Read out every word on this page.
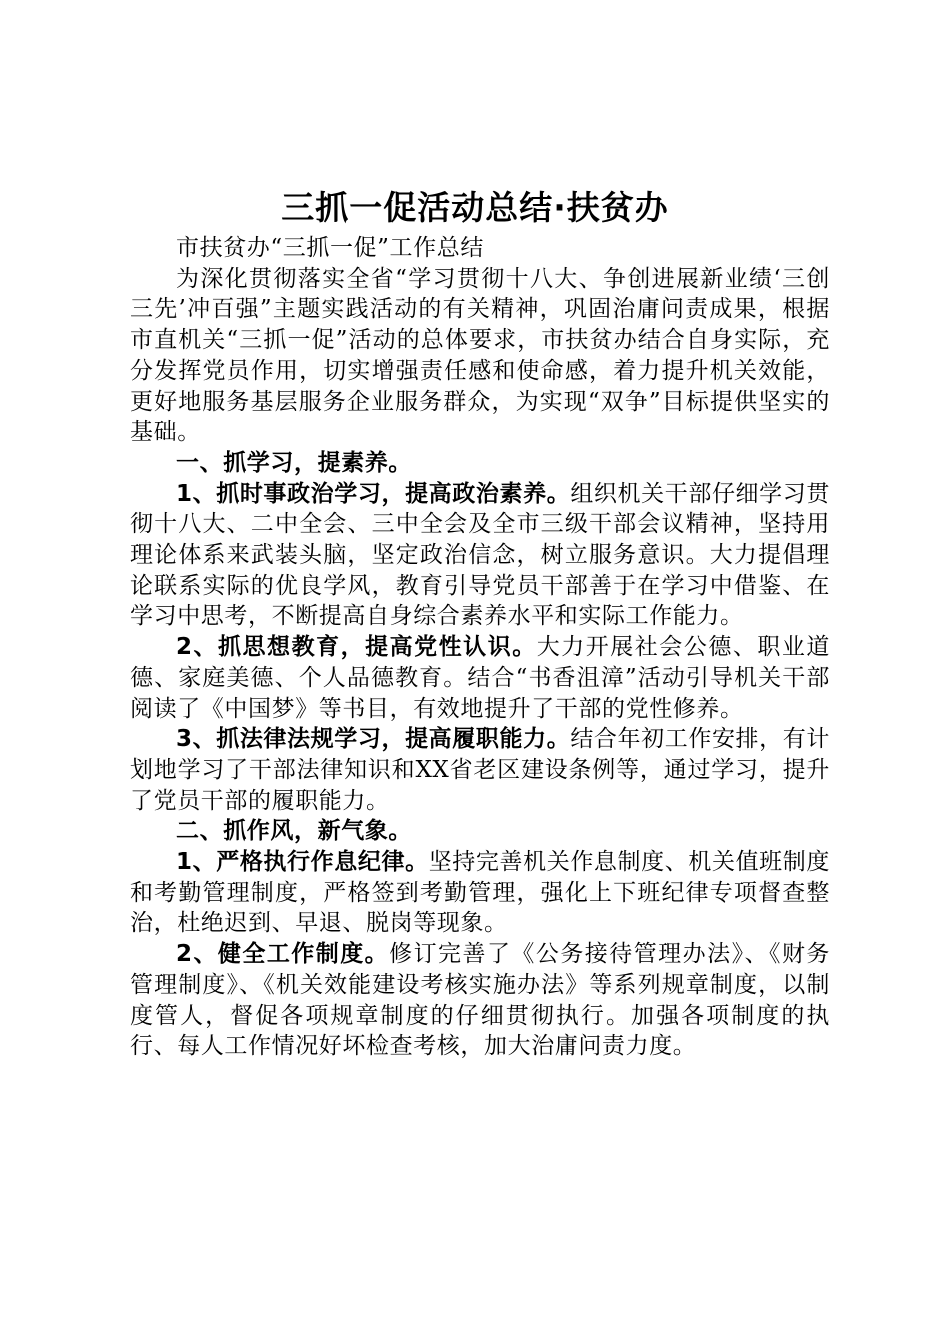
三抓一促活动总结·扶贫办

市扶贫办“三抓一促”工作总结

为深化贯彻落实全省“学习贯彻十八大、争创进展新业绩‘三创三先’冲百强”主题实践活动的有关精神，巩固治庸问责成果，根据市直机关“三抓一促”活动的总体要求，市扶贫办结合自身实际，充分发挥党员作用，切实增强责任感和使命感，着力提升机关效能，更好地服务基层服务企业服务群众，为实现“双争”目标提供坚实的基础。

一、抓学习，提素养。

1、抓时事政治学习，提高政治素养。组织机关干部仔细学习贯彻十八大、二中全会、三中全会及全市三级干部会议精神，坚持用理论体系来武装头脑，坚定政治信念，树立服务意识。大力提倡理论联系实际的优良学风，教育引导党员干部善于在学习中借鉴、在学习中思考，不断提高自身综合素养水平和实际工作能力。

2、抓思想教育，提高党性认识。大力开展社会公德、职业道德、家庭美德、个人品德教育。结合“书香沮漳”活动引导机关干部阅读了《中国梦》等书目，有效地提升了干部的党性修养。

3、抓法律法规学习，提高履职能力。结合年初工作安排，有计划地学习了干部法律知识和XX省老区建设条例等，通过学习，提升了党员干部的履职能力。

二、抓作风，新气象。

1、严格执行作息纪律。坚持完善机关作息制度、机关值班制度和考勤管理制度，严格签到考勤管理，强化上下班纪律专项督查整治，杜绝迟到、早退、脱岗等现象。

2、健全工作制度。修订完善了《公务接待管理办法》、《财务管理制度》、《机关效能建设考核实施办法》等系列规章制度，以制度管人，督促各项规章制度的仔细贯彻执行。加强各项制度的执行、每人工作情况好坏检查考核，加大治庸问责力度。
